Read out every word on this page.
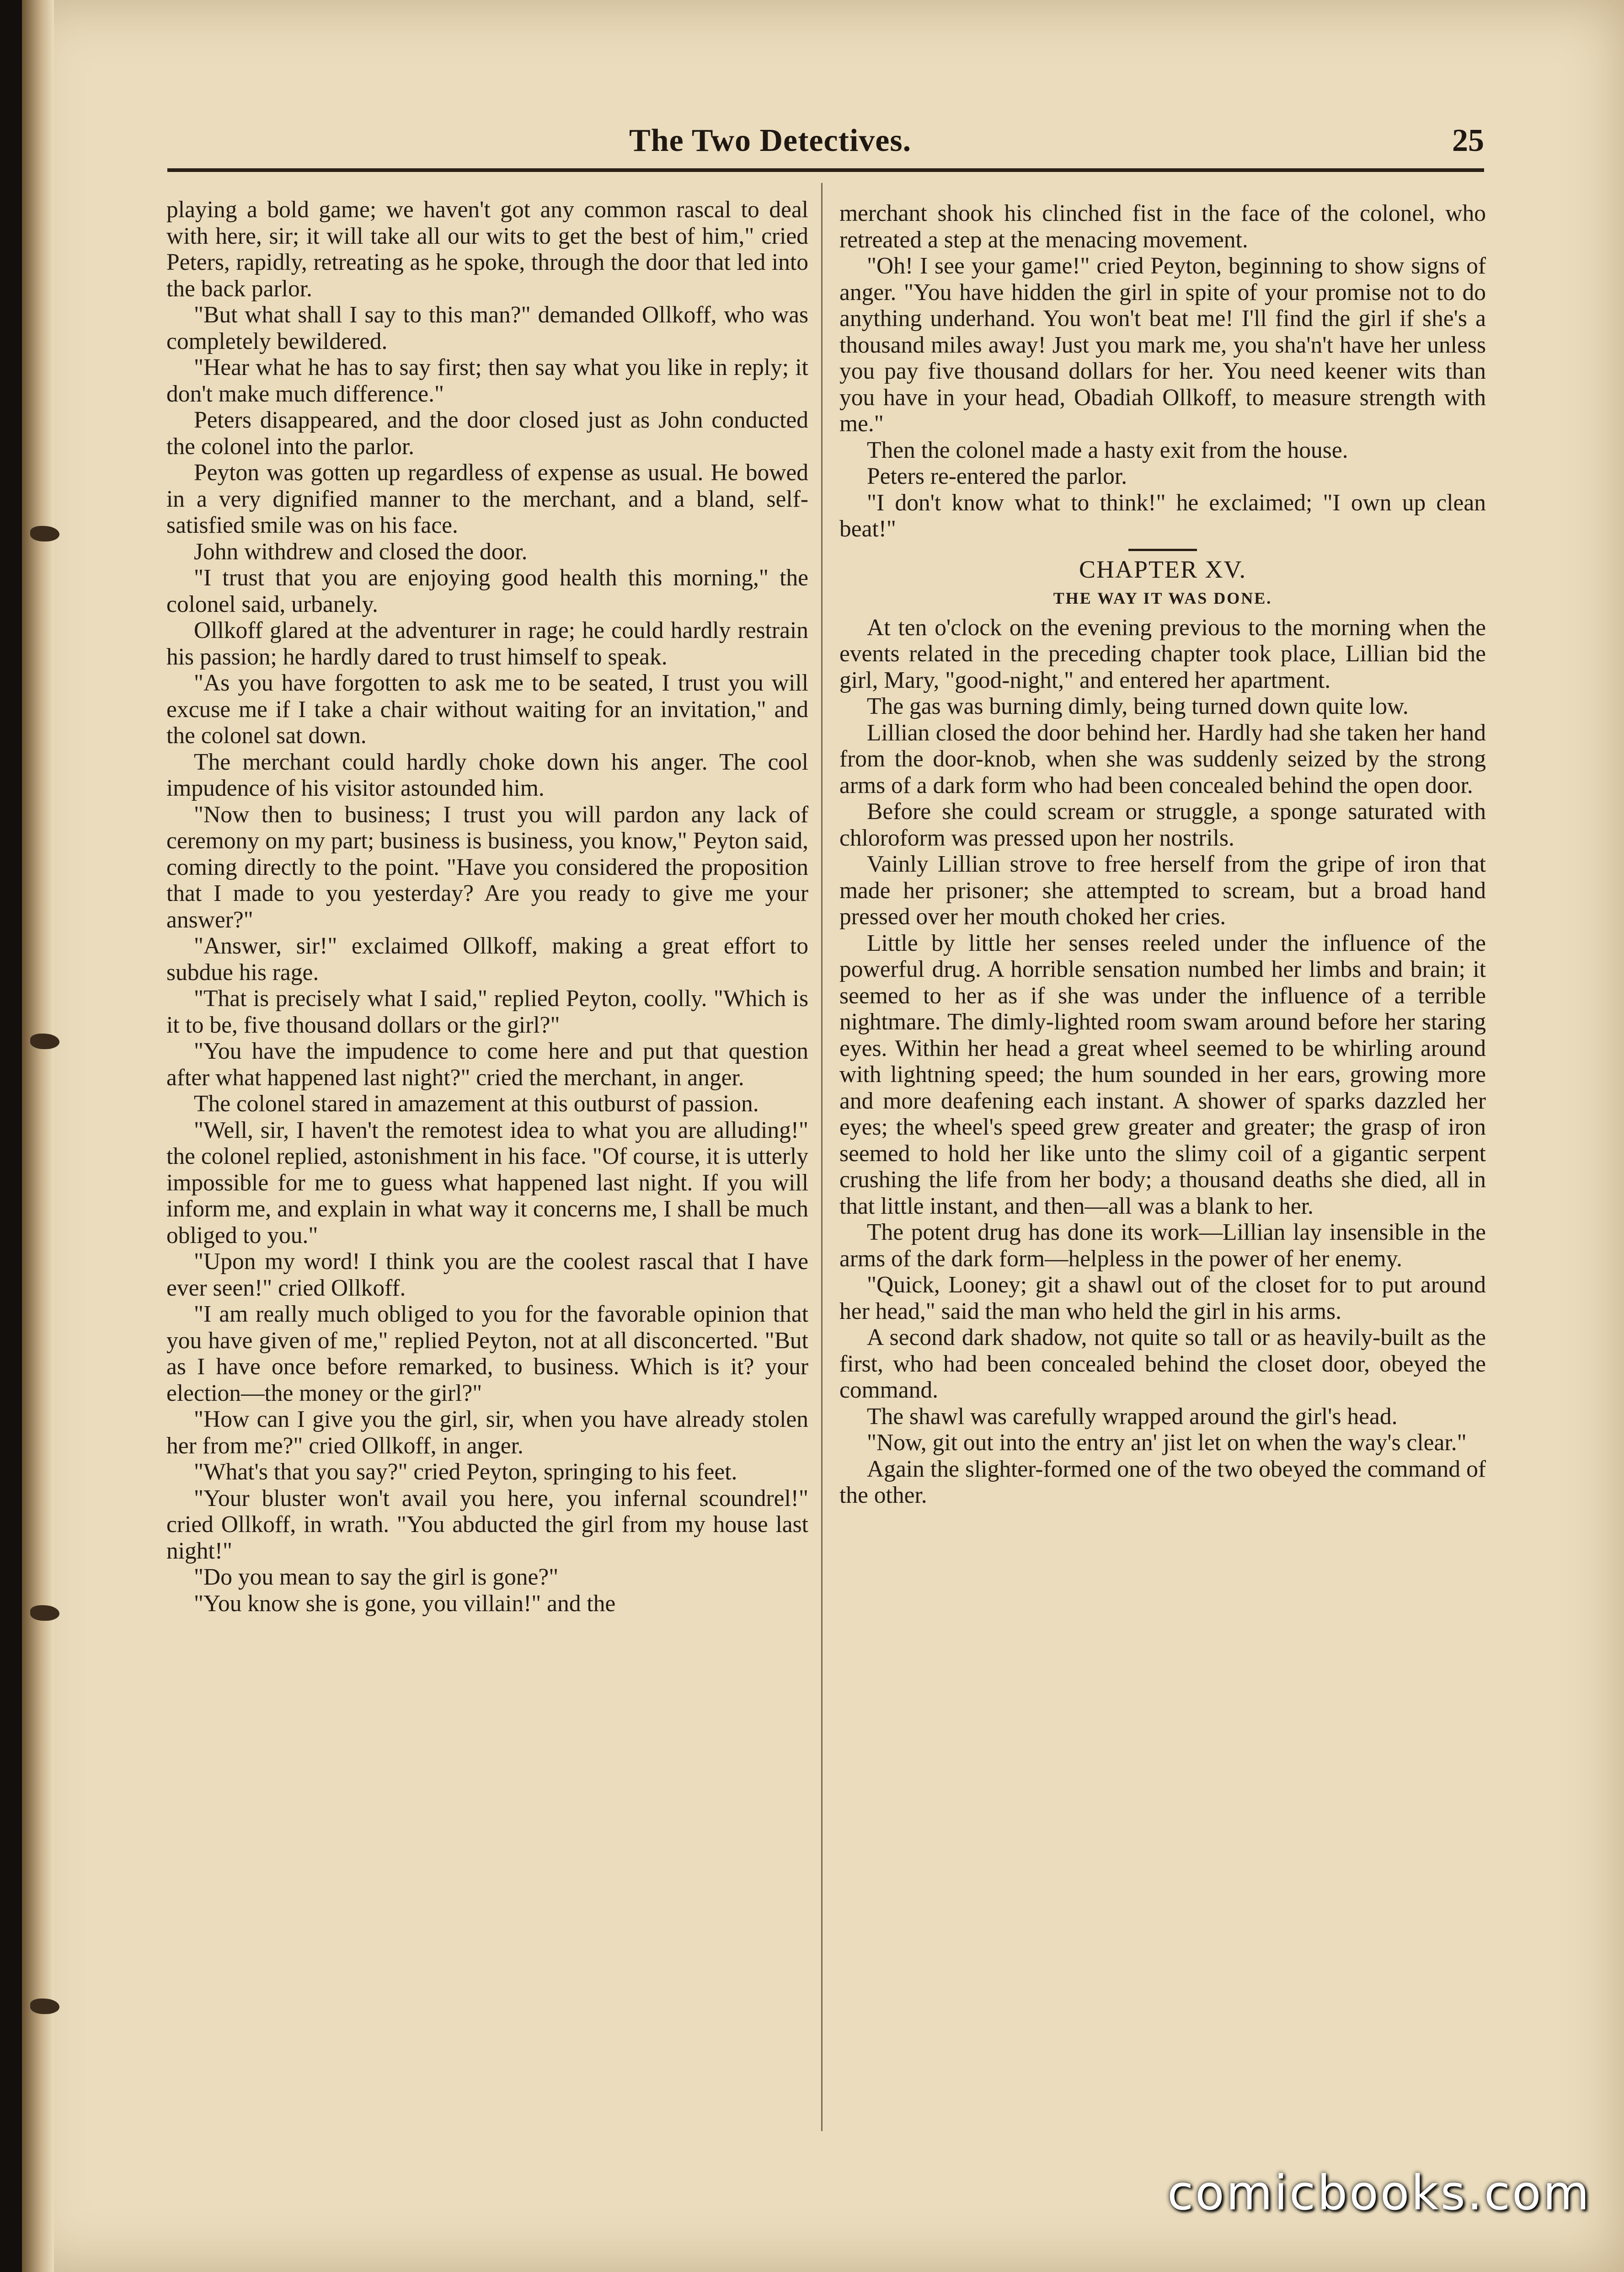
The Two Detectives.	25

playing a bold game; we haven't got any common rascal to deal with here, sir; it will take all our wits to get the best of him," cried Peters, rapidly, retreating as he spoke, through the door that led into the back parlor.

"But what shall I say to this man?" demanded Ollkoff, who was completely bewildered.

"Hear what he has to say first; then say what you like in reply; it don't make much difference."

Peters disappeared, and the door closed just as John conducted the colonel into the parlor.

Peyton was gotten up regardless of expense as usual. He bowed in a very dignified manner to the merchant, and a bland, self-satisfied smile was on his face.

John withdrew and closed the door.

"I trust that you are enjoying good health this morning," the colonel said, urbanely.

Ollkoff glared at the adventurer in rage; he could hardly restrain his passion; he hardly dared to trust himself to speak.

"As you have forgotten to ask me to be seated, I trust you will excuse me if I take a chair without waiting for an invitation," and the colonel sat down.

The merchant could hardly choke down his anger. The cool impudence of his visitor astounded him.

"Now then to business; I trust you will pardon any lack of ceremony on my part; business is business, you know," Peyton said, coming directly to the point. "Have you considered the proposition that I made to you yesterday? Are you ready to give me your answer?"

"Answer, sir!" exclaimed Ollkoff, making a great effort to subdue his rage.

"That is precisely what I said," replied Peyton, coolly. "Which is it to be, five thousand dollars or the girl?"

"You have the impudence to come here and put that question after what happened last night?" cried the merchant, in anger.

The colonel stared in amazement at this outburst of passion.

"Well, sir, I haven't the remotest idea to what you are alluding!" the colonel replied, astonishment in his face. "Of course, it is utterly impossible for me to guess what happened last night. If you will inform me, and explain in what way it concerns me, I shall be much obliged to you."

"Upon my word! I think you are the coolest rascal that I have ever seen!" cried Ollkoff.

"I am really much obliged to you for the favorable opinion that you have given of me," replied Peyton, not at all disconcerted. "But as I have once before remarked, to business. Which is it? your election—the money or the girl?"

"How can I give you the girl, sir, when you have already stolen her from me?" cried Ollkoff, in anger.

"What's that you say?" cried Peyton, springing to his feet.

"Your bluster won't avail you here, you infernal scoundrel!" cried Ollkoff, in wrath. "You abducted the girl from my house last night!"

"Do you mean to say the girl is gone?"

"You know she is gone, you villain!" and the

merchant shook his clinched fist in the face of the colonel, who retreated a step at the menacing movement.

"Oh! I see your game!" cried Peyton, beginning to show signs of anger. "You have hidden the girl in spite of your promise not to do anything underhand. You won't beat me! I'll find the girl if she's a thousand miles away! Just you mark me, you sha'n't have her unless you pay five thousand dollars for her. You need keener wits than you have in your head, Obadiah Ollkoff, to measure strength with me."

Then the colonel made a hasty exit from the house.

Peters re-entered the parlor.

"I don't know what to think!" he exclaimed; "I own up clean beat!"

CHAPTER XV.
THE WAY IT WAS DONE.

At ten o'clock on the evening previous to the morning when the events related in the preceding chapter took place, Lillian bid the girl, Mary, "good-night," and entered her apartment.

The gas was burning dimly, being turned down quite low.

Lillian closed the door behind her. Hardly had she taken her hand from the door-knob, when she was suddenly seized by the strong arms of a dark form who had been concealed behind the open door.

Before she could scream or struggle, a sponge saturated with chloroform was pressed upon her nostrils.

Vainly Lillian strove to free herself from the gripe of iron that made her prisoner; she attempted to scream, but a broad hand pressed over her mouth choked her cries.

Little by little her senses reeled under the influence of the powerful drug. A horrible sensation numbed her limbs and brain; it seemed to her as if she was under the influence of a terrible nightmare. The dimly-lighted room swam around before her staring eyes. Within her head a great wheel seemed to be whirling around with lightning speed; the hum sounded in her ears, growing more and more deafening each instant. A shower of sparks dazzled her eyes; the wheel's speed grew greater and greater; the grasp of iron seemed to hold her like unto the slimy coil of a gigantic serpent crushing the life from her body; a thousand deaths she died, all in that little instant, and then—all was a blank to her.

The potent drug has done its work—Lillian lay insensible in the arms of the dark form—helpless in the power of her enemy.

"Quick, Looney; git a shawl out of the closet for to put around her head," said the man who held the girl in his arms.

A second dark shadow, not quite so tall or as heavily-built as the first, who had been concealed behind the closet door, obeyed the command.

The shawl was carefully wrapped around the girl's head.

"Now, git out into the entry an' jist let on when the way's clear."

Again the slighter-formed one of the two obeyed the command of the other.

comicbooks.com
